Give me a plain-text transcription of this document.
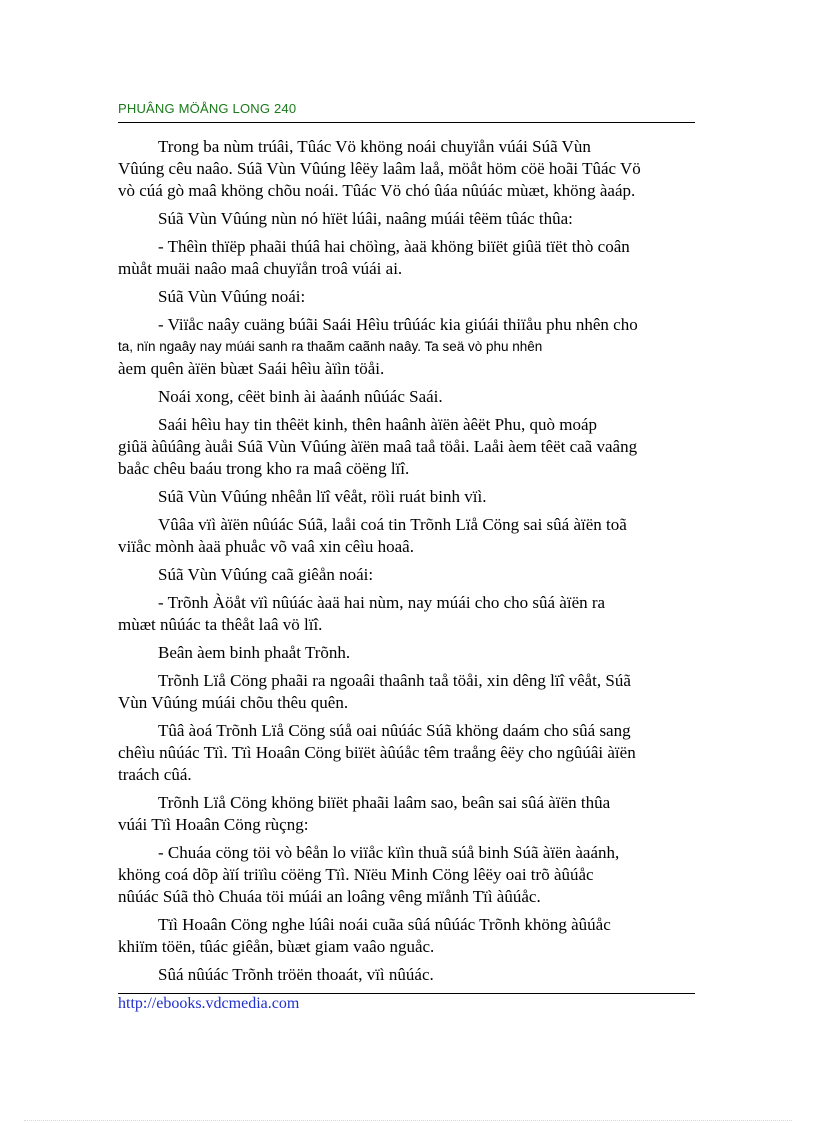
PHUÂNG MÖÅNG LONG 240

Trong ba nùm trúâi, Tûác Vö khöng noái chuyïån vúái Súã Vùn
Vûúng cêu naâo. Súã Vùn Vûúng lêëy laâm laå, möåt höm cöë hoãi Tûác Vö
vò cúá gò maâ khöng chõu noái. Tûác Vö chó ûáa nûúác mùæt, khöng àaáp.

Súã Vùn Vûúng nùn nó hïët lúâi, naâng múái têëm tûác thûa:

- Thêìn thïëp phaãi thúâ hai chöìng, àaä khöng biïët giûä tïët thò coân
mùåt muäi naâo maâ chuyïån troâ vúái ai.

Súã Vùn Vûúng noái:

- Viïåc naây cuäng búãi Saái Hêìu trûúác kia giúái thiïåu phu nhên cho
ta, nïn ngaây nay múái sanh ra thaãm caãnh naây. Ta seä vò phu nhên
àem quên àïën bùæt Saái hêìu àïìn töåi.

Noái xong, cêët binh ài àaánh nûúác Saái.

Saái hêìu hay tin thêët kinh, thên haânh àïën àêët Phu, quò moáp
giûä àûúâng àuåi Súã Vùn Vûúng àïën maâ taå töåi. Laåi àem têët caã vaâng
baåc chêu baáu trong kho ra maâ cöëng lïî.

Súã Vùn Vûúng nhêån lïî vêåt, röìi ruát binh vïì.

Vûâa vïì àïën nûúác Súã, laåi coá tin Trõnh Lïå Cöng sai sûá àïën toã
viïåc mònh àaä phuåc võ vaâ xin cêìu hoaâ.

Súã Vùn Vûúng caã giêån noái:

- Trõnh Àöåt vïì nûúác àaä hai nùm, nay múái cho cho sûá àïën ra
mùæt nûúác ta thêåt laâ vö lïî.

Beân àem binh phaåt Trõnh.

Trõnh Lïå Cöng phaãi ra ngoaâi thaânh taå töåi, xin dêng lïî vêåt, Súã
Vùn Vûúng múái chõu thêu quên.

Tûâ àoá Trõnh Lïå Cöng súå oai nûúác Súã khöng daám cho sûá sang
chêìu nûúác Tïì. Tïì Hoaân Cöng biïët àûúåc têm traång êëy cho ngûúâi àïën
traách cûá.

Trõnh Lïå Cöng khöng biïët phaãi laâm sao, beân sai sûá àïën thûa
vúái Tïì Hoaân Cöng rùçng:

- Chuáa cöng töi vò bêån lo viïåc kïìn thuã súå binh Súã àïën àaánh,
khöng coá dõp àïí triïìu cöëng Tïì. Nïëu Minh Cöng lêëy oai trõ àûúåc
nûúác Súã thò Chuáa töi múái an loâng vêng mïånh Tïì àûúåc.

Tïì Hoaân Cöng nghe lúâi noái cuãa sûá nûúác Trõnh khöng àûúåc
khiïm töën, tûác giêån, bùæt giam vaâo nguåc.

Sûá nûúác Trõnh tröën thoaát, vïì nûúác.

http://ebooks.vdcmedia.com
